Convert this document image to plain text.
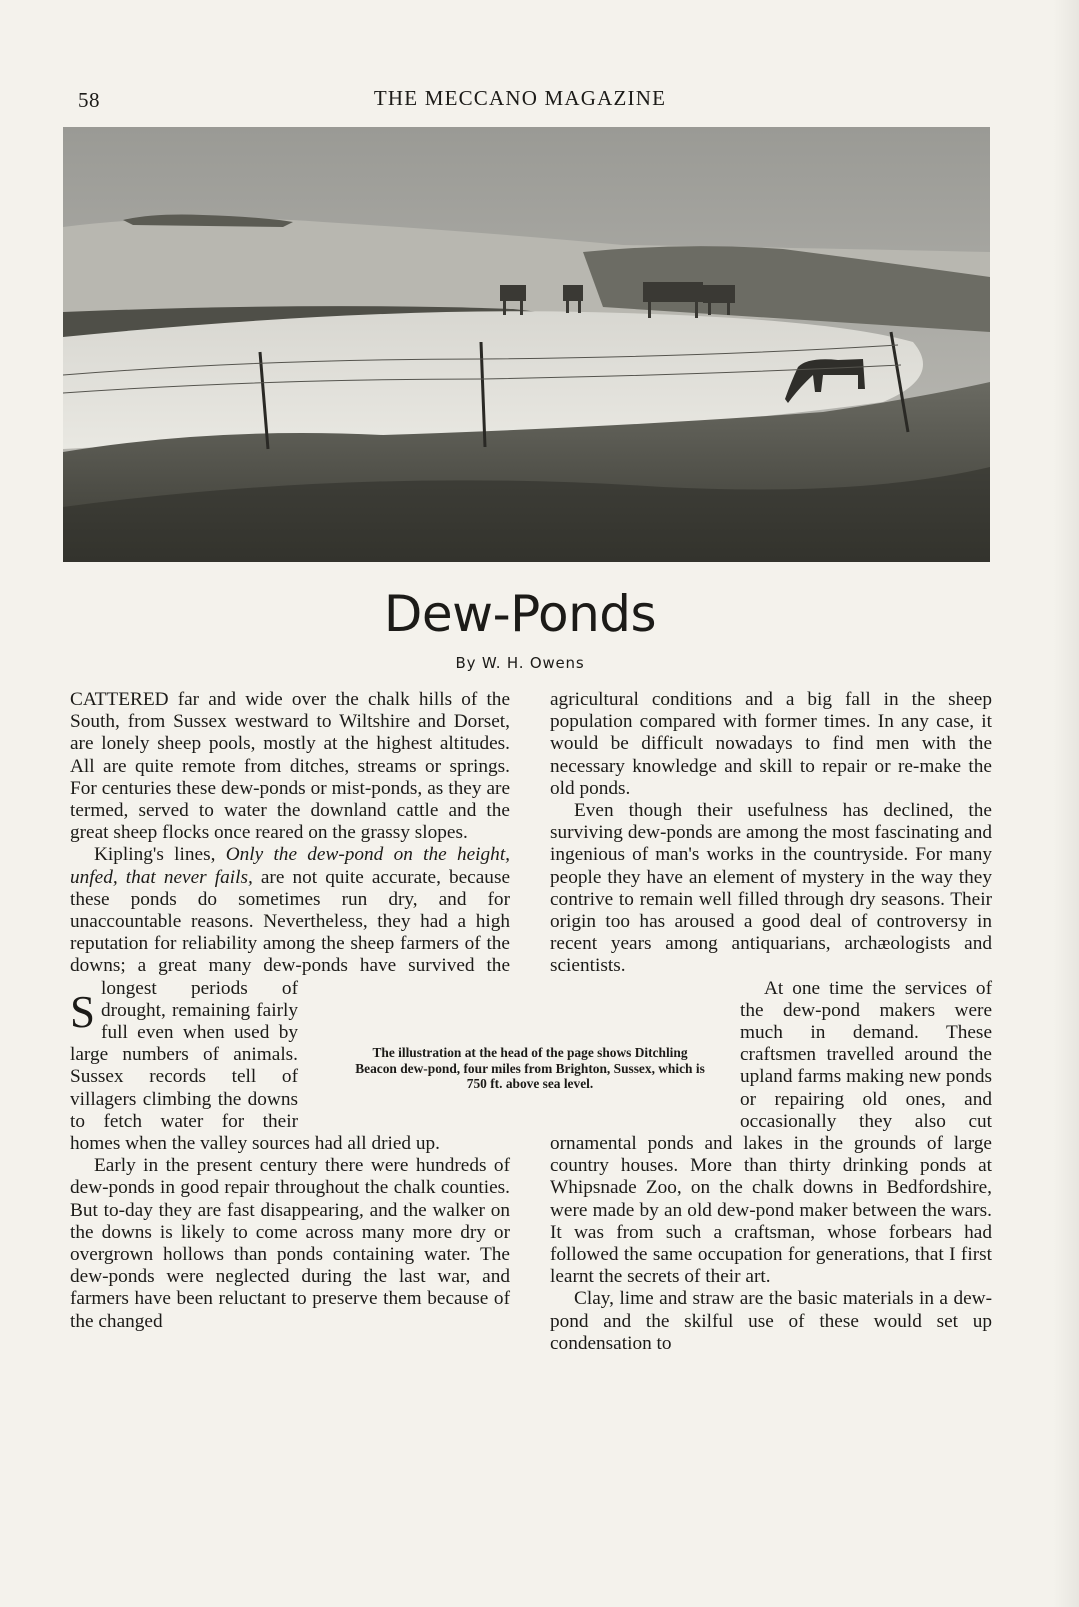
58	THE MECCANO MAGAZINE
Dew-Ponds
By W. H. Owens

S
CATTERED far and wide over the chalk hills of the South, from Sussex westward to Wiltshire and Dorset, are lonely sheep pools, mostly at the highest altitudes. All are quite remote from ditches, streams or springs. For centuries these dew-ponds or mist-ponds, as they are termed, served to water the downland cattle and the great sheep flocks once reared on the grassy slopes.

Kipling's lines, Only the dew-pond on the height, unfed, that never fails, are not quite accurate, because these ponds do sometimes run dry, and for unaccountable reasons. Nevertheless, they had a high reputation for reliability among the sheep farmers of the downs; a great many dew-ponds have survived the longest periods of drought, remaining fairly full even when used by large numbers of animals. Sussex records tell of villagers climbing the downs to fetch water for their homes when the valley sources had all dried up.

Early in the present century there were hundreds of dew-ponds in good repair throughout the chalk counties. But to-day they are fast disappearing, and the walker on the downs is likely to come across many more dry or overgrown hollows than ponds containing water. The dew-ponds were neglected during the last war, and farmers have been reluctant to preserve them because of the changed

agricultural conditions and a big fall in the sheep population compared with former times. In any case, it would be difficult nowadays to find men with the necessary knowledge and skill to repair or re-make the old ponds.

Even though their usefulness has declined, the surviving dew-ponds are among the most fascinating and ingenious of man's works in the countryside. For many people they have an element of mystery in the way they contrive to remain well filled through dry seasons. Their origin too has aroused a good deal of controversy in recent years among antiquarians, archæologists and scientists.

At one time the services of the dew-pond makers were much in demand. These craftsmen travelled around the upland farms making new ponds or repairing old ones, and occasionally they also cut ornamental ponds and lakes in the grounds of large country houses. More than thirty drinking ponds at Whipsnade Zoo, on the chalk downs in Bedfordshire, were made by an old dew-pond maker between the wars. It was from such a craftsman, whose forbears had followed the same occupation for generations, that I first learnt the secrets of their art.

Clay, lime and straw are the basic materials in a dew-pond and the skilful use of these would set up condensation to

The illustration at the head of the page shows Ditchling Beacon dew-pond, four miles from Brighton, Sussex, which is 750 ft. above sea level.
